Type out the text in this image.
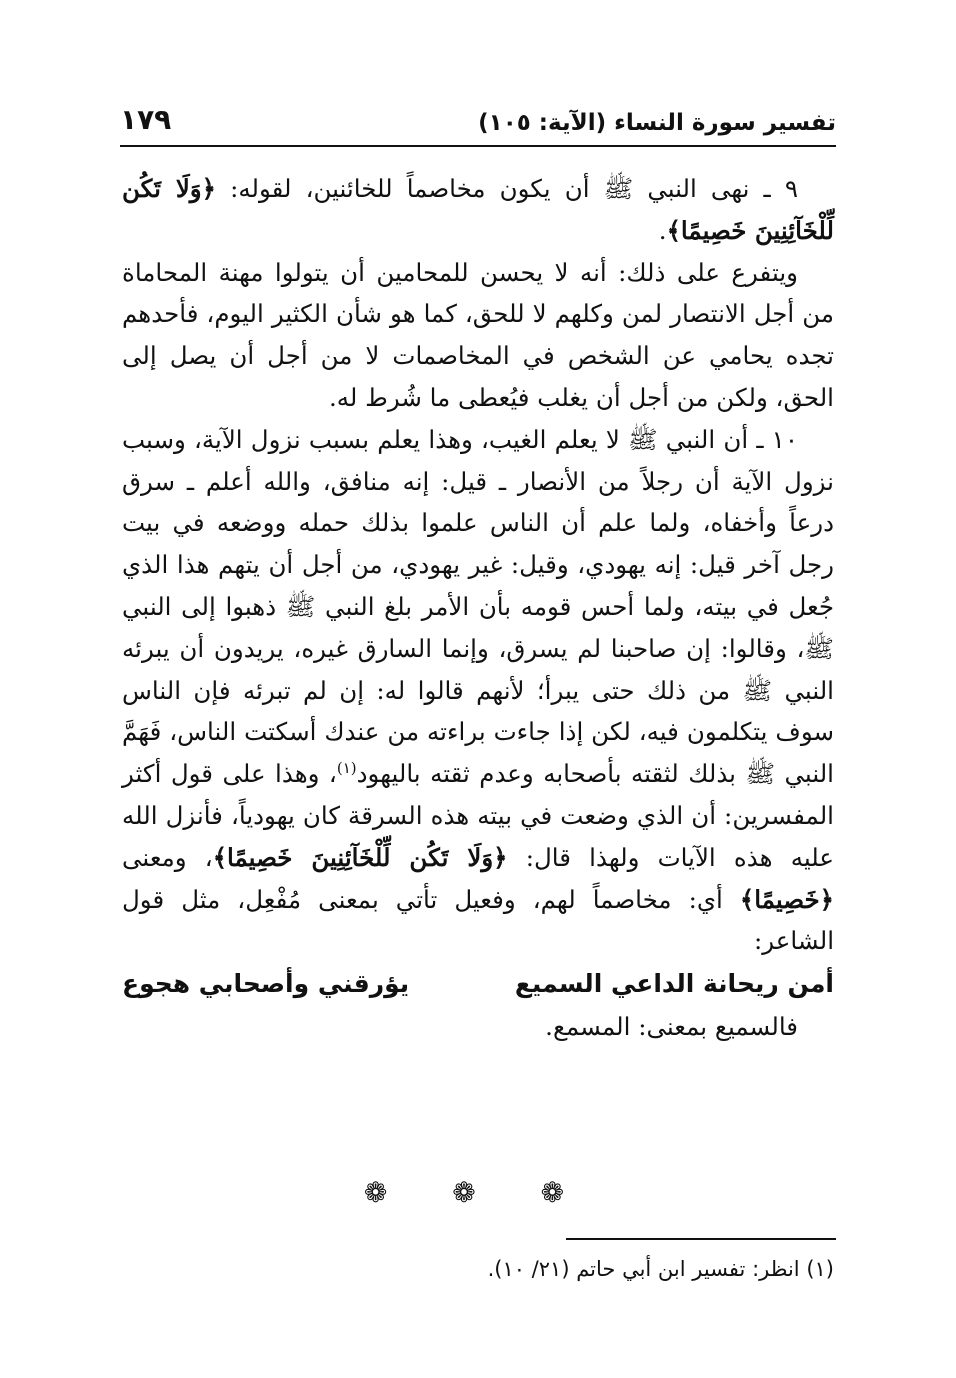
تفسير سورة النساء (الآية: ١٠٥)
١٧٩

٩ ـ نهى النبي ﷺ أن يكون مخاصماً للخائنين، لقوله: ﴿وَلَا تَكُن لِّلْخَآئِنِينَ خَصِيمًا﴾.

ويتفرع على ذلك: أنه لا يحسن للمحامين أن يتولوا مهنة المحاماة من أجل الانتصار لمن وكلهم لا للحق، كما هو شأن الكثير اليوم، فأحدهم تجده يحامي عن الشخص في المخاصمات لا من أجل أن يصل إلى الحق، ولكن من أجل أن يغلب فيُعطى ما شُرط له.

١٠ ـ أن النبي ﷺ لا يعلم الغيب، وهذا يعلم بسبب نزول الآية، وسبب نزول الآية أن رجلاً من الأنصار ـ قيل: إنه منافق، والله أعلم ـ سرق درعاً وأخفاه، ولما علم أن الناس علموا بذلك حمله ووضعه في بيت رجل آخر قيل: إنه يهودي، وقيل: غير يهودي، من أجل أن يتهم هذا الذي جُعل في بيته، ولما أحس قومه بأن الأمر بلغ النبي ﷺ ذهبوا إلى النبي ﷺ، وقالوا: إن صاحبنا لم يسرق، وإنما السارق غيره، يريدون أن يبرئه النبي ﷺ من ذلك حتى يبرأ؛ لأنهم قالوا له: إن لم تبرئه فإن الناس سوف يتكلمون فيه، لكن إذا جاءت براءته من عندك أسكتت الناس، فَهَمَّ النبي ﷺ بذلك لثقته بأصحابه وعدم ثقته باليهود$^{(١)}$، وهذا على قول أكثر المفسرين: أن الذي وضعت في بيته هذه السرقة كان يهودياً، فأنزل الله عليه هذه الآيات ولهذا قال: ﴿وَلَا تَكُن لِّلْخَآئِنِينَ خَصِيمًا﴾، ومعنى ﴿خَصِيمًا﴾ أي: مخاصماً لهم، وفعيل تأتي بمعنى مُفْعِل، مثل قول الشاعر:

أمن ريحانة الداعي السميع
يؤرقني وأصحابي هجوع

فالسميع بمعنى: المسمع.

❁ ❁ ❁
(١) انظر: تفسير ابن أبي حاتم (٢١/ ١٠).
